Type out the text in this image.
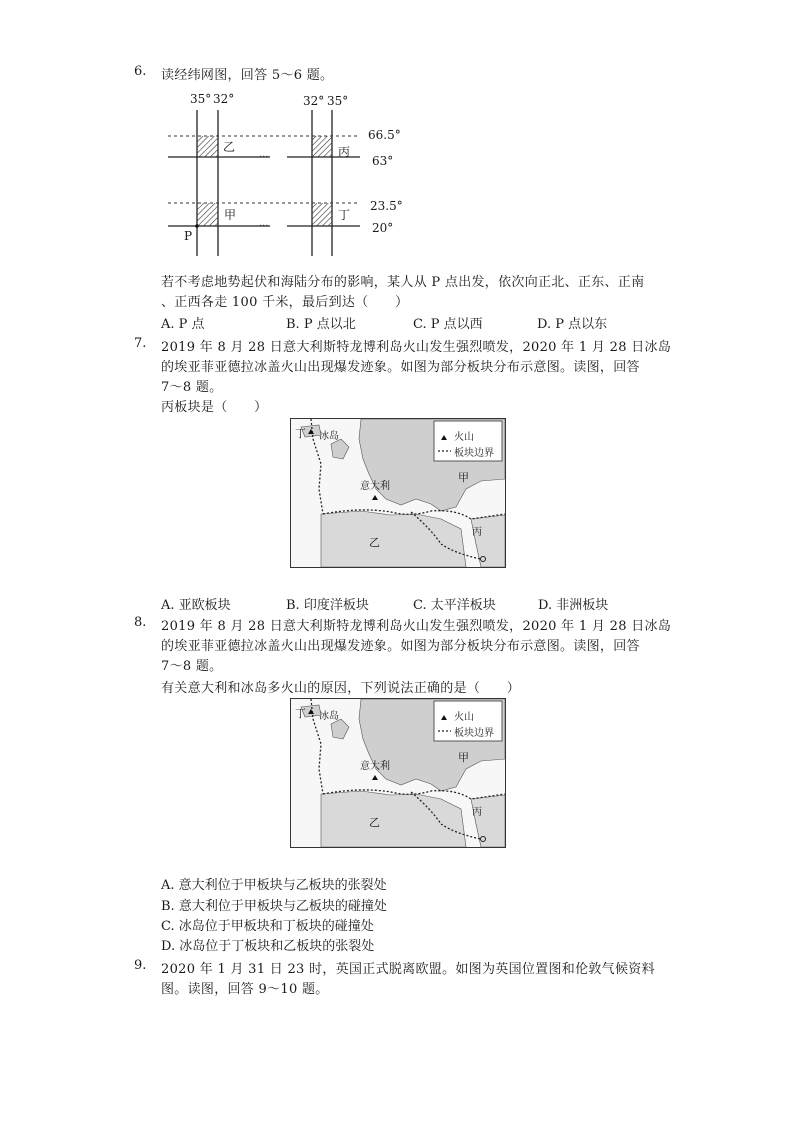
6. 读经纬网图，回答 5～6 题。
···
···
35° 32°	32° 35°
66.5°
63°
23.5°
20°
乙	丙
甲	丁
P
若不考虑地势起伏和海陆分布的影响，某人从 P 点出发，依次向正北、正东、正南
、正西各走 100 千米，最后到达（　　）
A. P 点	B. P 点以北	C. P 点以西	D. P 点以东
7. 2019 年 8 月 28 日意大利斯特龙博利岛火山发生强烈喷发，2020 年 1 月 28 日冰岛
的埃亚菲亚德拉冰盖火山出现爆发迹象。如图为部分板块分布示意图。读图，回答
7～8 题。
丙板块是（　　）
火山
板块边界
丁 冰岛
意大利
甲
乙
丙
A. 亚欧板块	B. 印度洋板块	C. 太平洋板块	D. 非洲板块
8. 2019 年 8 月 28 日意大利斯特龙博利岛火山发生强烈喷发，2020 年 1 月 28 日冰岛
的埃亚菲亚德拉冰盖火山出现爆发迹象。如图为部分板块分布示意图。读图，回答
7～8 题。
有关意大利和冰岛多火山的原因，下列说法正确的是（　　）
火山
板块边界
丁 冰岛
意大利
甲
乙
丙
A. 意大利位于甲板块与乙板块的张裂处
B. 意大利位于甲板块与乙板块的碰撞处
C. 冰岛位于甲板块和丁板块的碰撞处
D. 冰岛位于丁板块和乙板块的张裂处
9. 2020 年 1 月 31 日 23 时，英国正式脱离欧盟。如图为英国位置图和伦敦气候资料
图。读图，回答 9～10 题。
